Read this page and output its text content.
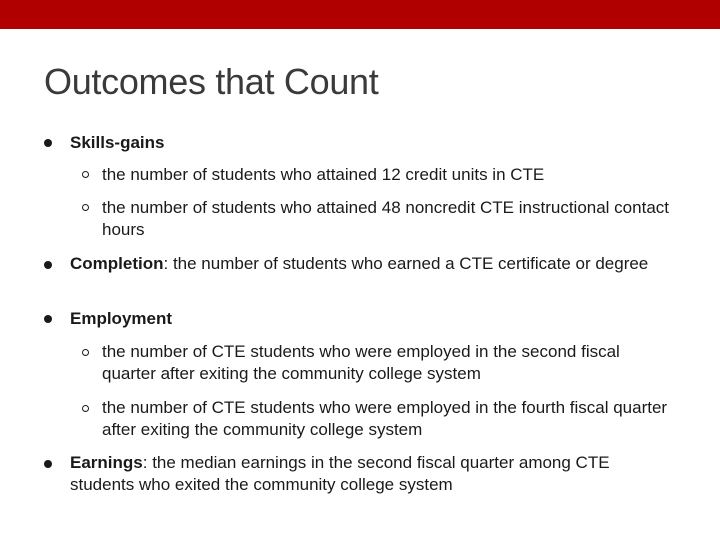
Outcomes that Count
Skills-gains
the number of students who attained 12 credit units in CTE
the number of students who attained 48 noncredit CTE instructional contact hours
Completion: the number of students who earned a CTE certificate or degree
Employment
the number of CTE students who were employed in the second fiscal quarter after exiting the community college system
the number of CTE students who were employed in the fourth fiscal quarter after exiting the community college system
Earnings: the median earnings in the second fiscal quarter among CTE students who exited the community college system
